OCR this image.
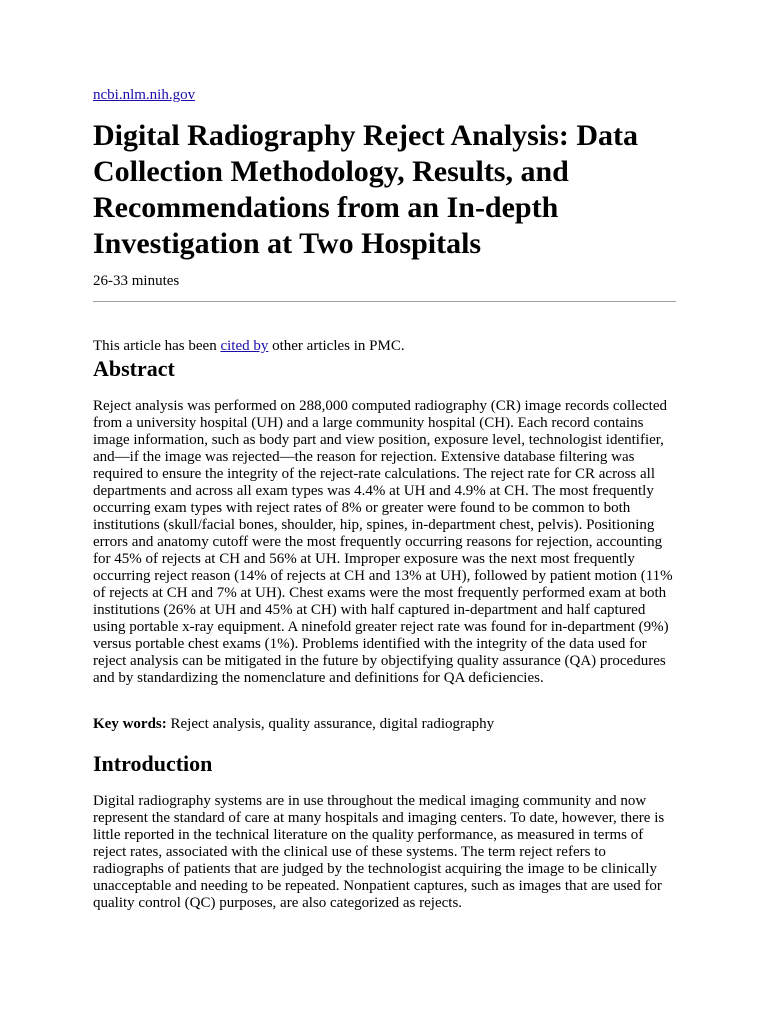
ncbi.nlm.nih.gov
Digital Radiography Reject Analysis: Data Collection Methodology, Results, and Recommendations from an In-depth Investigation at Two Hospitals
26-33 minutes

This article has been cited by other articles in PMC.

Abstract

Reject analysis was performed on 288,000 computed radiography (CR) image records collected from a university hospital (UH) and a large community hospital (CH). Each record contains image information, such as body part and view position, exposure level, technologist identifier, and—if the image was rejected—the reason for rejection. Extensive database filtering was required to ensure the integrity of the reject-rate calculations. The reject rate for CR across all departments and across all exam types was 4.4% at UH and 4.9% at CH. The most frequently occurring exam types with reject rates of 8% or greater were found to be common to both institutions (skull/facial bones, shoulder, hip, spines, in-department chest, pelvis). Positioning errors and anatomy cutoff were the most frequently occurring reasons for rejection, accounting for 45% of rejects at CH and 56% at UH. Improper exposure was the next most frequently occurring reject reason (14% of rejects at CH and 13% at UH), followed by patient motion (11% of rejects at CH and 7% at UH). Chest exams were the most frequently performed exam at both institutions (26% at UH and 45% at CH) with half captured in-department and half captured using portable x-ray equipment. A ninefold greater reject rate was found for in-department (9%) versus portable chest exams (1%). Problems identified with the integrity of the data used for reject analysis can be mitigated in the future by objectifying quality assurance (QA) procedures and by standardizing the nomenclature and definitions for QA deficiencies.

Key words: Reject analysis, quality assurance, digital radiography

Introduction

Digital radiography systems are in use throughout the medical imaging community and now represent the standard of care at many hospitals and imaging centers. To date, however, there is little reported in the technical literature on the quality performance, as measured in terms of reject rates, associated with the clinical use of these systems. The term reject refers to radiographs of patients that are judged by the technologist acquiring the image to be clinically unacceptable and needing to be repeated. Nonpatient captures, such as images that are used for quality control (QC) purposes, are also categorized as rejects.
